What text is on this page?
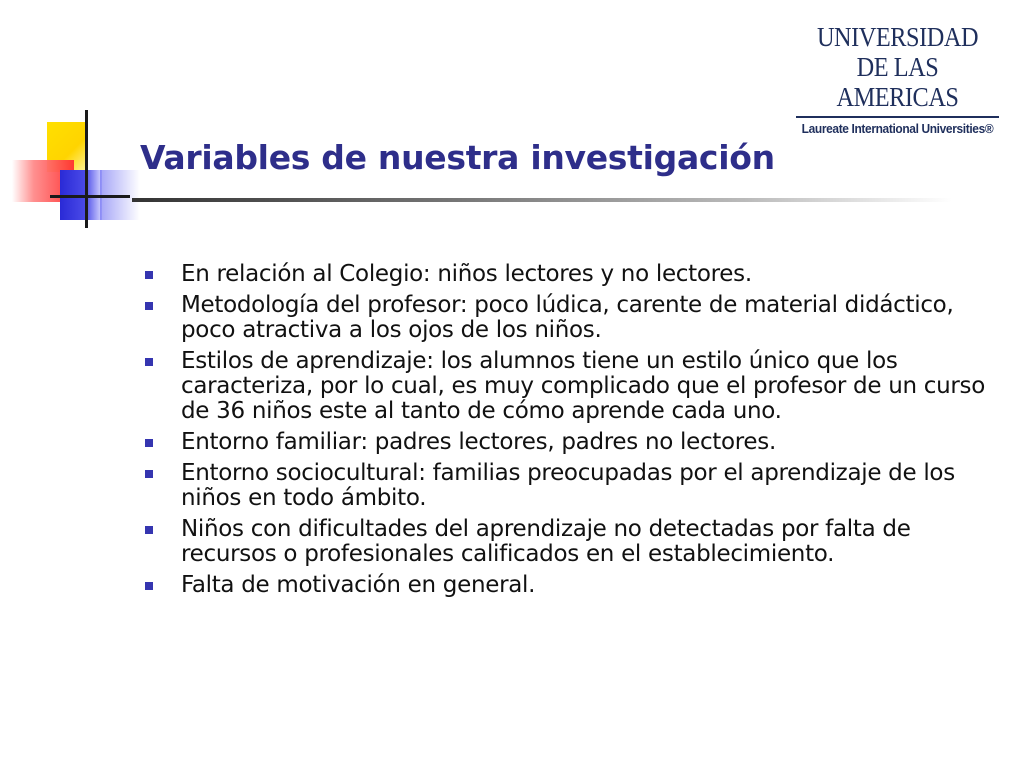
UNIVERSIDAD
DE LAS AMERICAS
Laureate International Universities®
Variables de nuestra investigación
En relación al Colegio: niños lectores y no lectores.
Metodología del profesor: poco lúdica, carente de material didáctico, poco atractiva a los ojos de los niños.
Estilos de aprendizaje: los alumnos tiene un estilo único que los caracteriza, por lo cual, es muy complicado que el profesor de un curso de 36 niños este al tanto de cómo aprende cada uno.
Entorno familiar: padres lectores, padres no lectores.
Entorno sociocultural: familias preocupadas por el aprendizaje de los niños en todo ámbito.
Niños con dificultades del aprendizaje no detectadas por falta de recursos o profesionales calificados en el establecimiento.
Falta de motivación en general.
